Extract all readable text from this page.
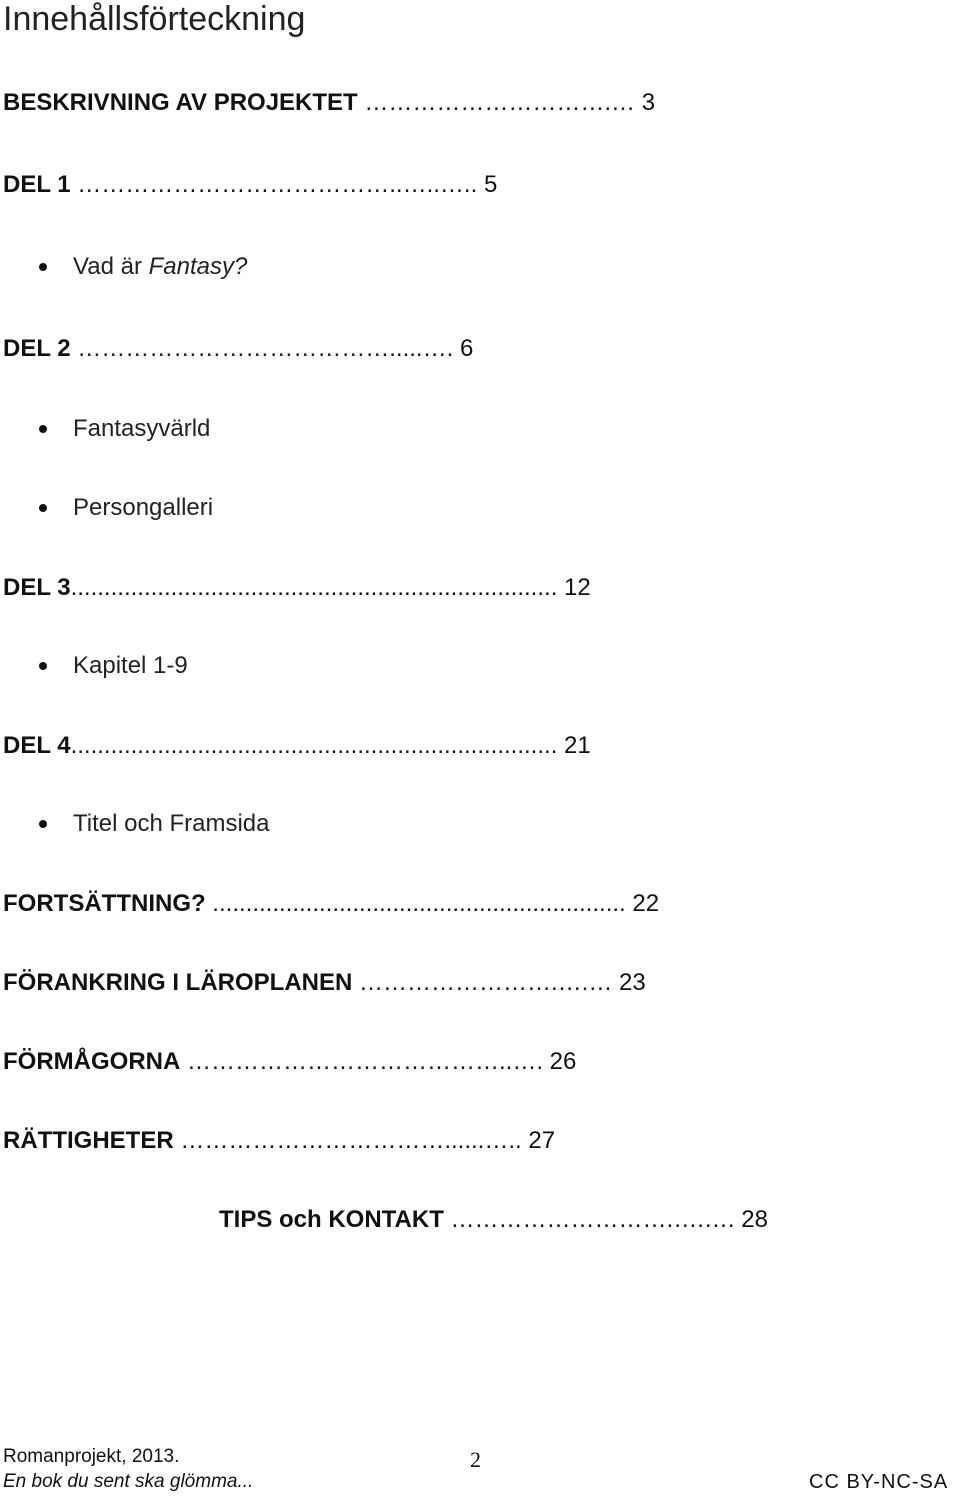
Innehållsförteckning
BESKRIVNING AV PROJEKTET ………………………….… 3
DEL 1 …………………………………..…..….. 5
Vad är Fantasy?
DEL 2 ………………………………….....…. 6
Fantasyvärld
Persongalleri
DEL 3......................................................................... 12
Kapitel 1-9
DEL 4......................................................................... 21
Titel och Framsida
FORTSÄTTNING? .............................................................. 22
FÖRANKRING I LÄROPLANEN …………………….….… 23
FÖRMÅGORNA …………………………………..…. 26
RÄTTIGHETER ……………………………......….. 27
TIPS och KONTAKT ……………………….….…. 28
Romanprojekt, 2013.
En bok du sent ska glömma...
2
CC BY-NC-SA
